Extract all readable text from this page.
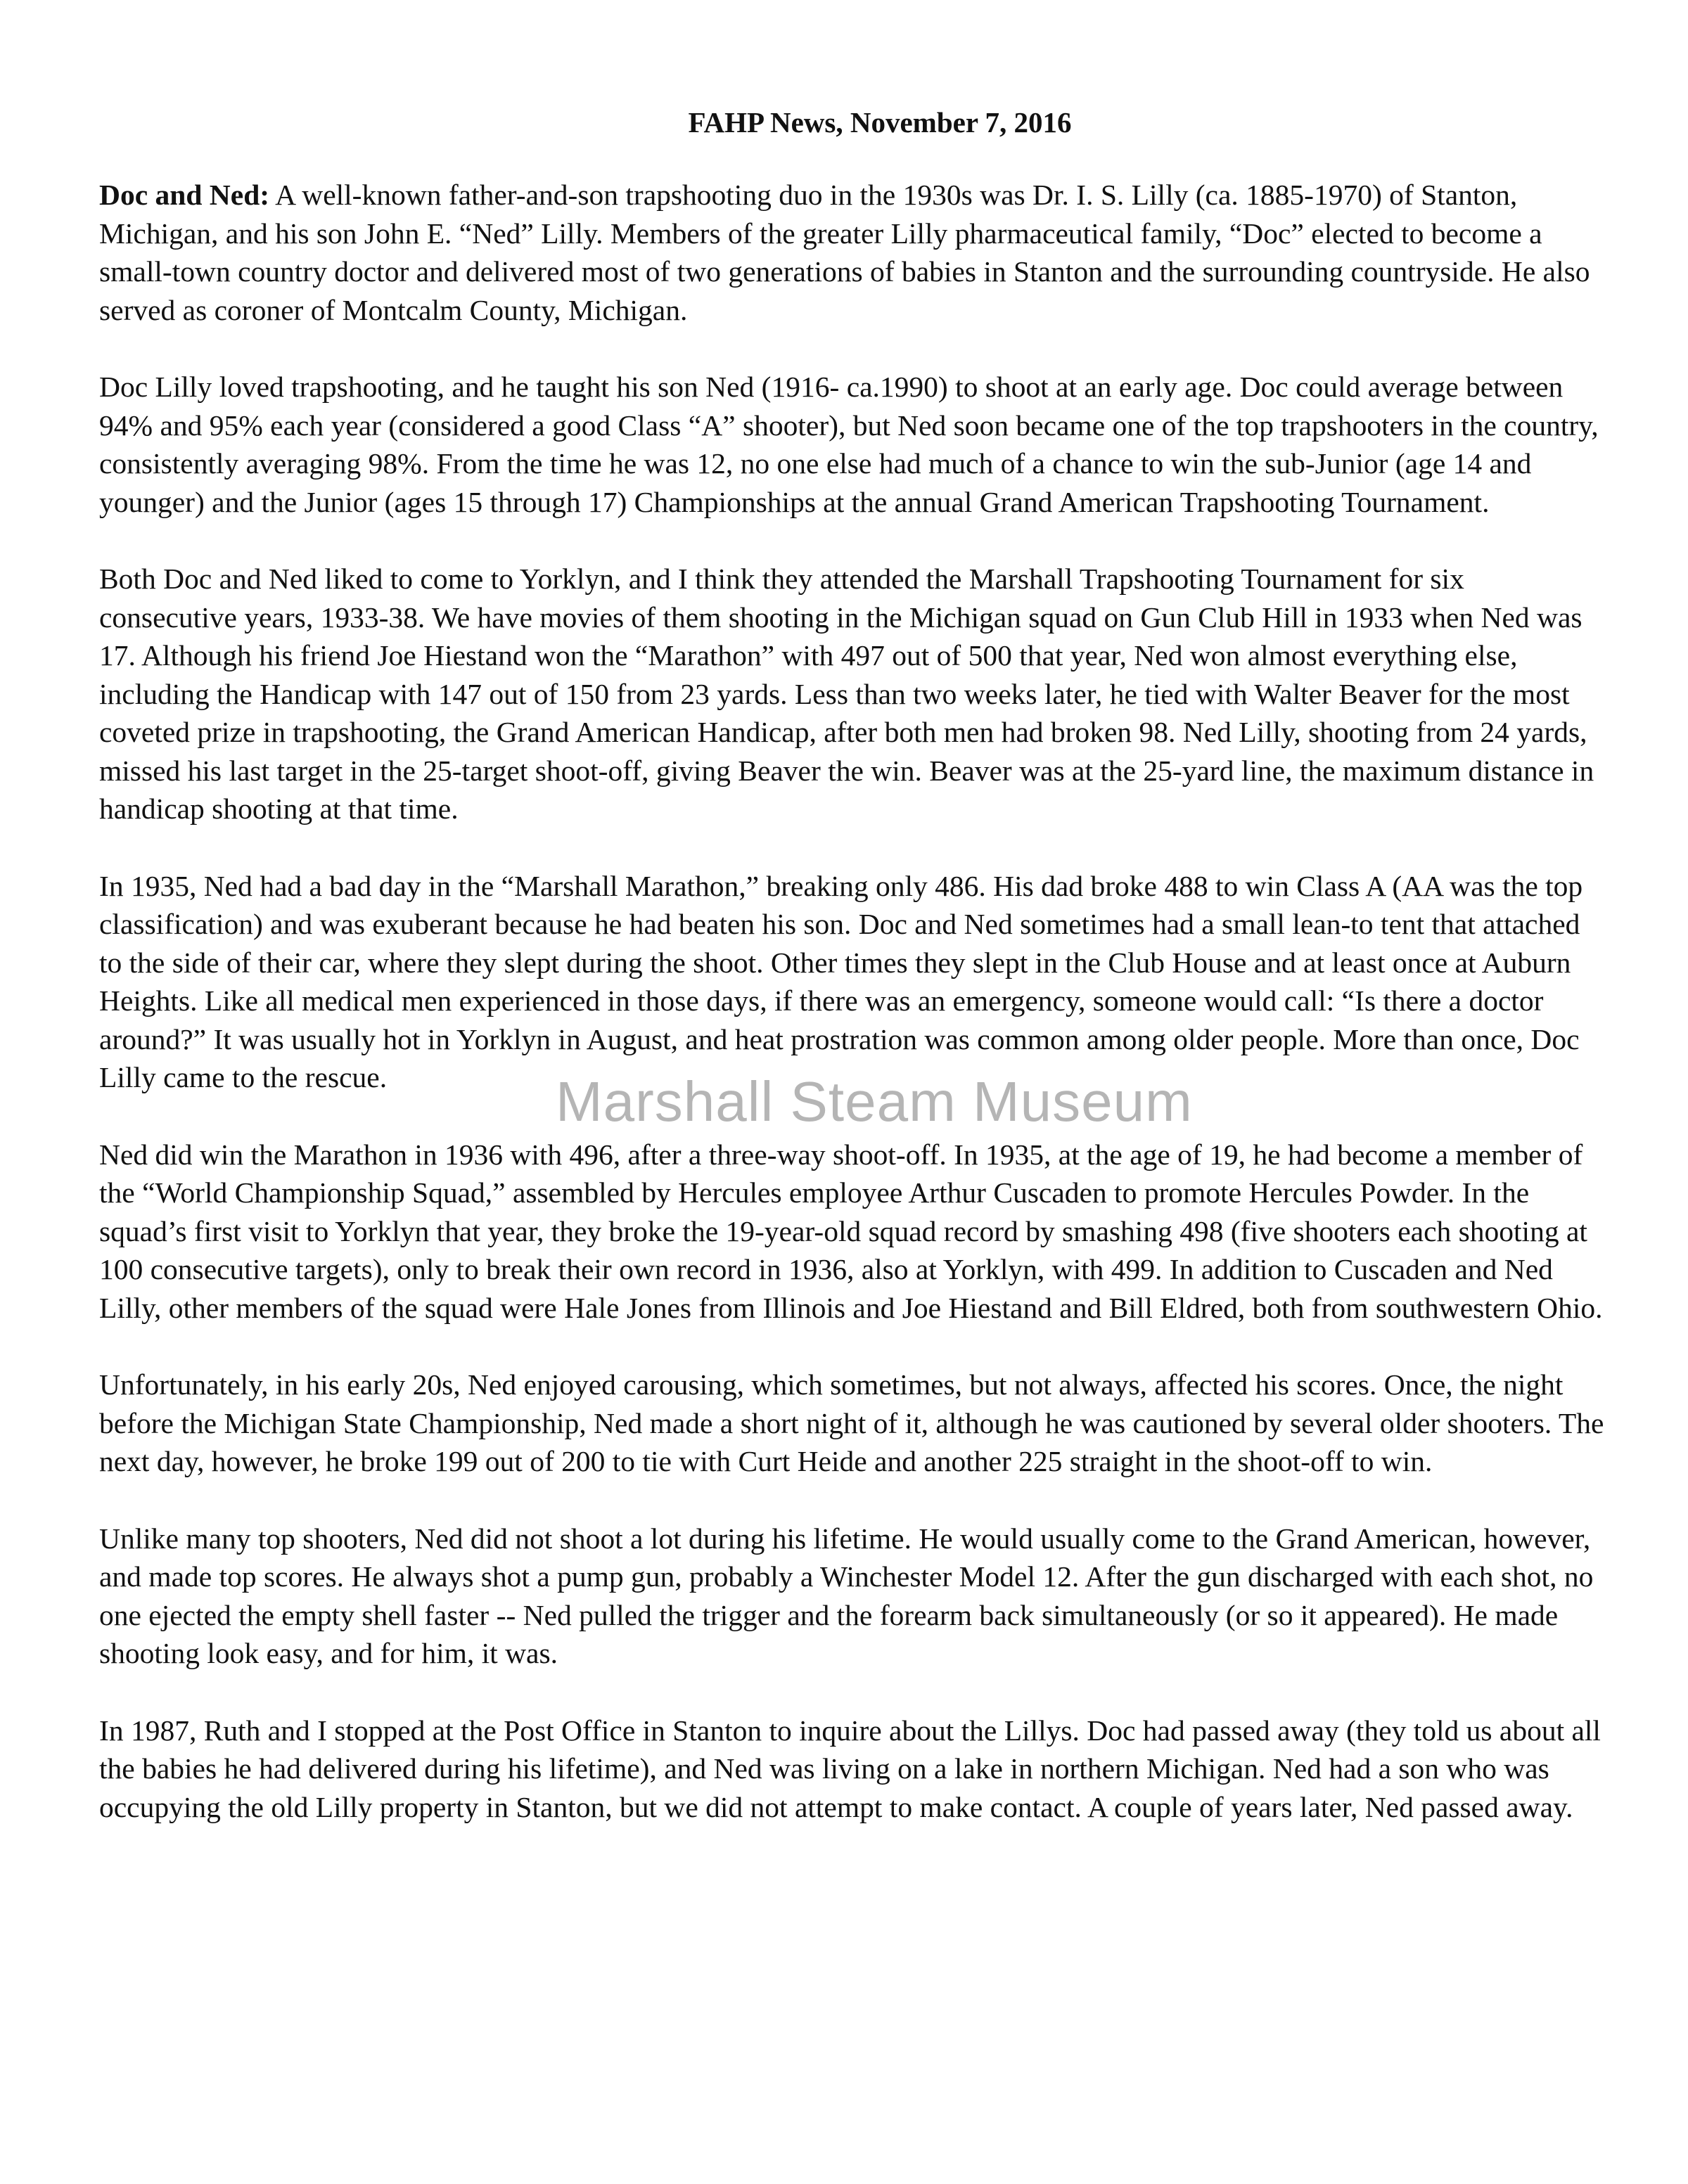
FAHP News, November 7, 2016

Doc and Ned: A well-known father-and-son trapshooting duo in the 1930s was Dr. I. S. Lilly (ca. 1885-1970) of Stanton, Michigan, and his son John E. “Ned” Lilly. Members of the greater Lilly pharmaceutical family, “Doc” elected to become a small-town country doctor and delivered most of two generations of babies in Stanton and the surrounding countryside. He also served as coroner of Montcalm County, Michigan.

Doc Lilly loved trapshooting, and he taught his son Ned (1916- ca.1990) to shoot at an early age. Doc could average between 94% and 95% each year (considered a good Class “A” shooter), but Ned soon became one of the top trapshooters in the country, consistently averaging 98%. From the time he was 12, no one else had much of a chance to win the sub-Junior (age 14 and younger) and the Junior (ages 15 through 17) Championships at the annual Grand American Trapshooting Tournament.

Both Doc and Ned liked to come to Yorklyn, and I think they attended the Marshall Trapshooting Tournament for six consecutive years, 1933-38. We have movies of them shooting in the Michigan squad on Gun Club Hill in 1933 when Ned was 17. Although his friend Joe Hiestand won the “Marathon” with 497 out of 500 that year, Ned won almost everything else, including the Handicap with 147 out of 150 from 23 yards. Less than two weeks later, he tied with Walter Beaver for the most coveted prize in trapshooting, the Grand American Handicap, after both men had broken 98. Ned Lilly, shooting from 24 yards, missed his last target in the 25-target shoot-off, giving Beaver the win. Beaver was at the 25-yard line, the maximum distance in handicap shooting at that time.

In 1935, Ned had a bad day in the “Marshall Marathon,” breaking only 486. His dad broke 488 to win Class A (AA was the top classification) and was exuberant because he had beaten his son. Doc and Ned sometimes had a small lean-to tent that attached to the side of their car, where they slept during the shoot. Other times they slept in the Club House and at least once at Auburn Heights. Like all medical men experienced in those days, if there was an emergency, someone would call: “Is there a doctor around?” It was usually hot in Yorklyn in August, and heat prostration was common among older people. More than once, Doc Lilly came to the rescue.

Ned did win the Marathon in 1936 with 496, after a three-way shoot-off. In 1935, at the age of 19, he had become a member of the “World Championship Squad,” assembled by Hercules employee Arthur Cuscaden to promote Hercules Powder. In the squad’s first visit to Yorklyn that year, they broke the 19-year-old squad record by smashing 498 (five shooters each shooting at 100 consecutive targets), only to break their own record in 1936, also at Yorklyn, with 499. In addition to Cuscaden and Ned Lilly, other members of the squad were Hale Jones from Illinois and Joe Hiestand and Bill Eldred, both from southwestern Ohio.

Unfortunately, in his early 20s, Ned enjoyed carousing, which sometimes, but not always, affected his scores. Once, the night before the Michigan State Championship, Ned made a short night of it, although he was cautioned by several older shooters. The next day, however, he broke 199 out of 200 to tie with Curt Heide and another 225 straight in the shoot-off to win.

Unlike many top shooters, Ned did not shoot a lot during his lifetime. He would usually come to the Grand American, however, and made top scores. He always shot a pump gun, probably a Winchester Model 12. After the gun discharged with each shot, no one ejected the empty shell faster -- Ned pulled the trigger and the forearm back simultaneously (or so it appeared). He made shooting look easy, and for him, it was.

In 1987, Ruth and I stopped at the Post Office in Stanton to inquire about the Lillys. Doc had passed away (they told us about all the babies he had delivered during his lifetime), and Ned was living on a lake in northern Michigan. Ned had a son who was occupying the old Lilly property in Stanton, but we did not attempt to make contact. A couple of years later, Ned passed away.

Marshall Steam Museum
